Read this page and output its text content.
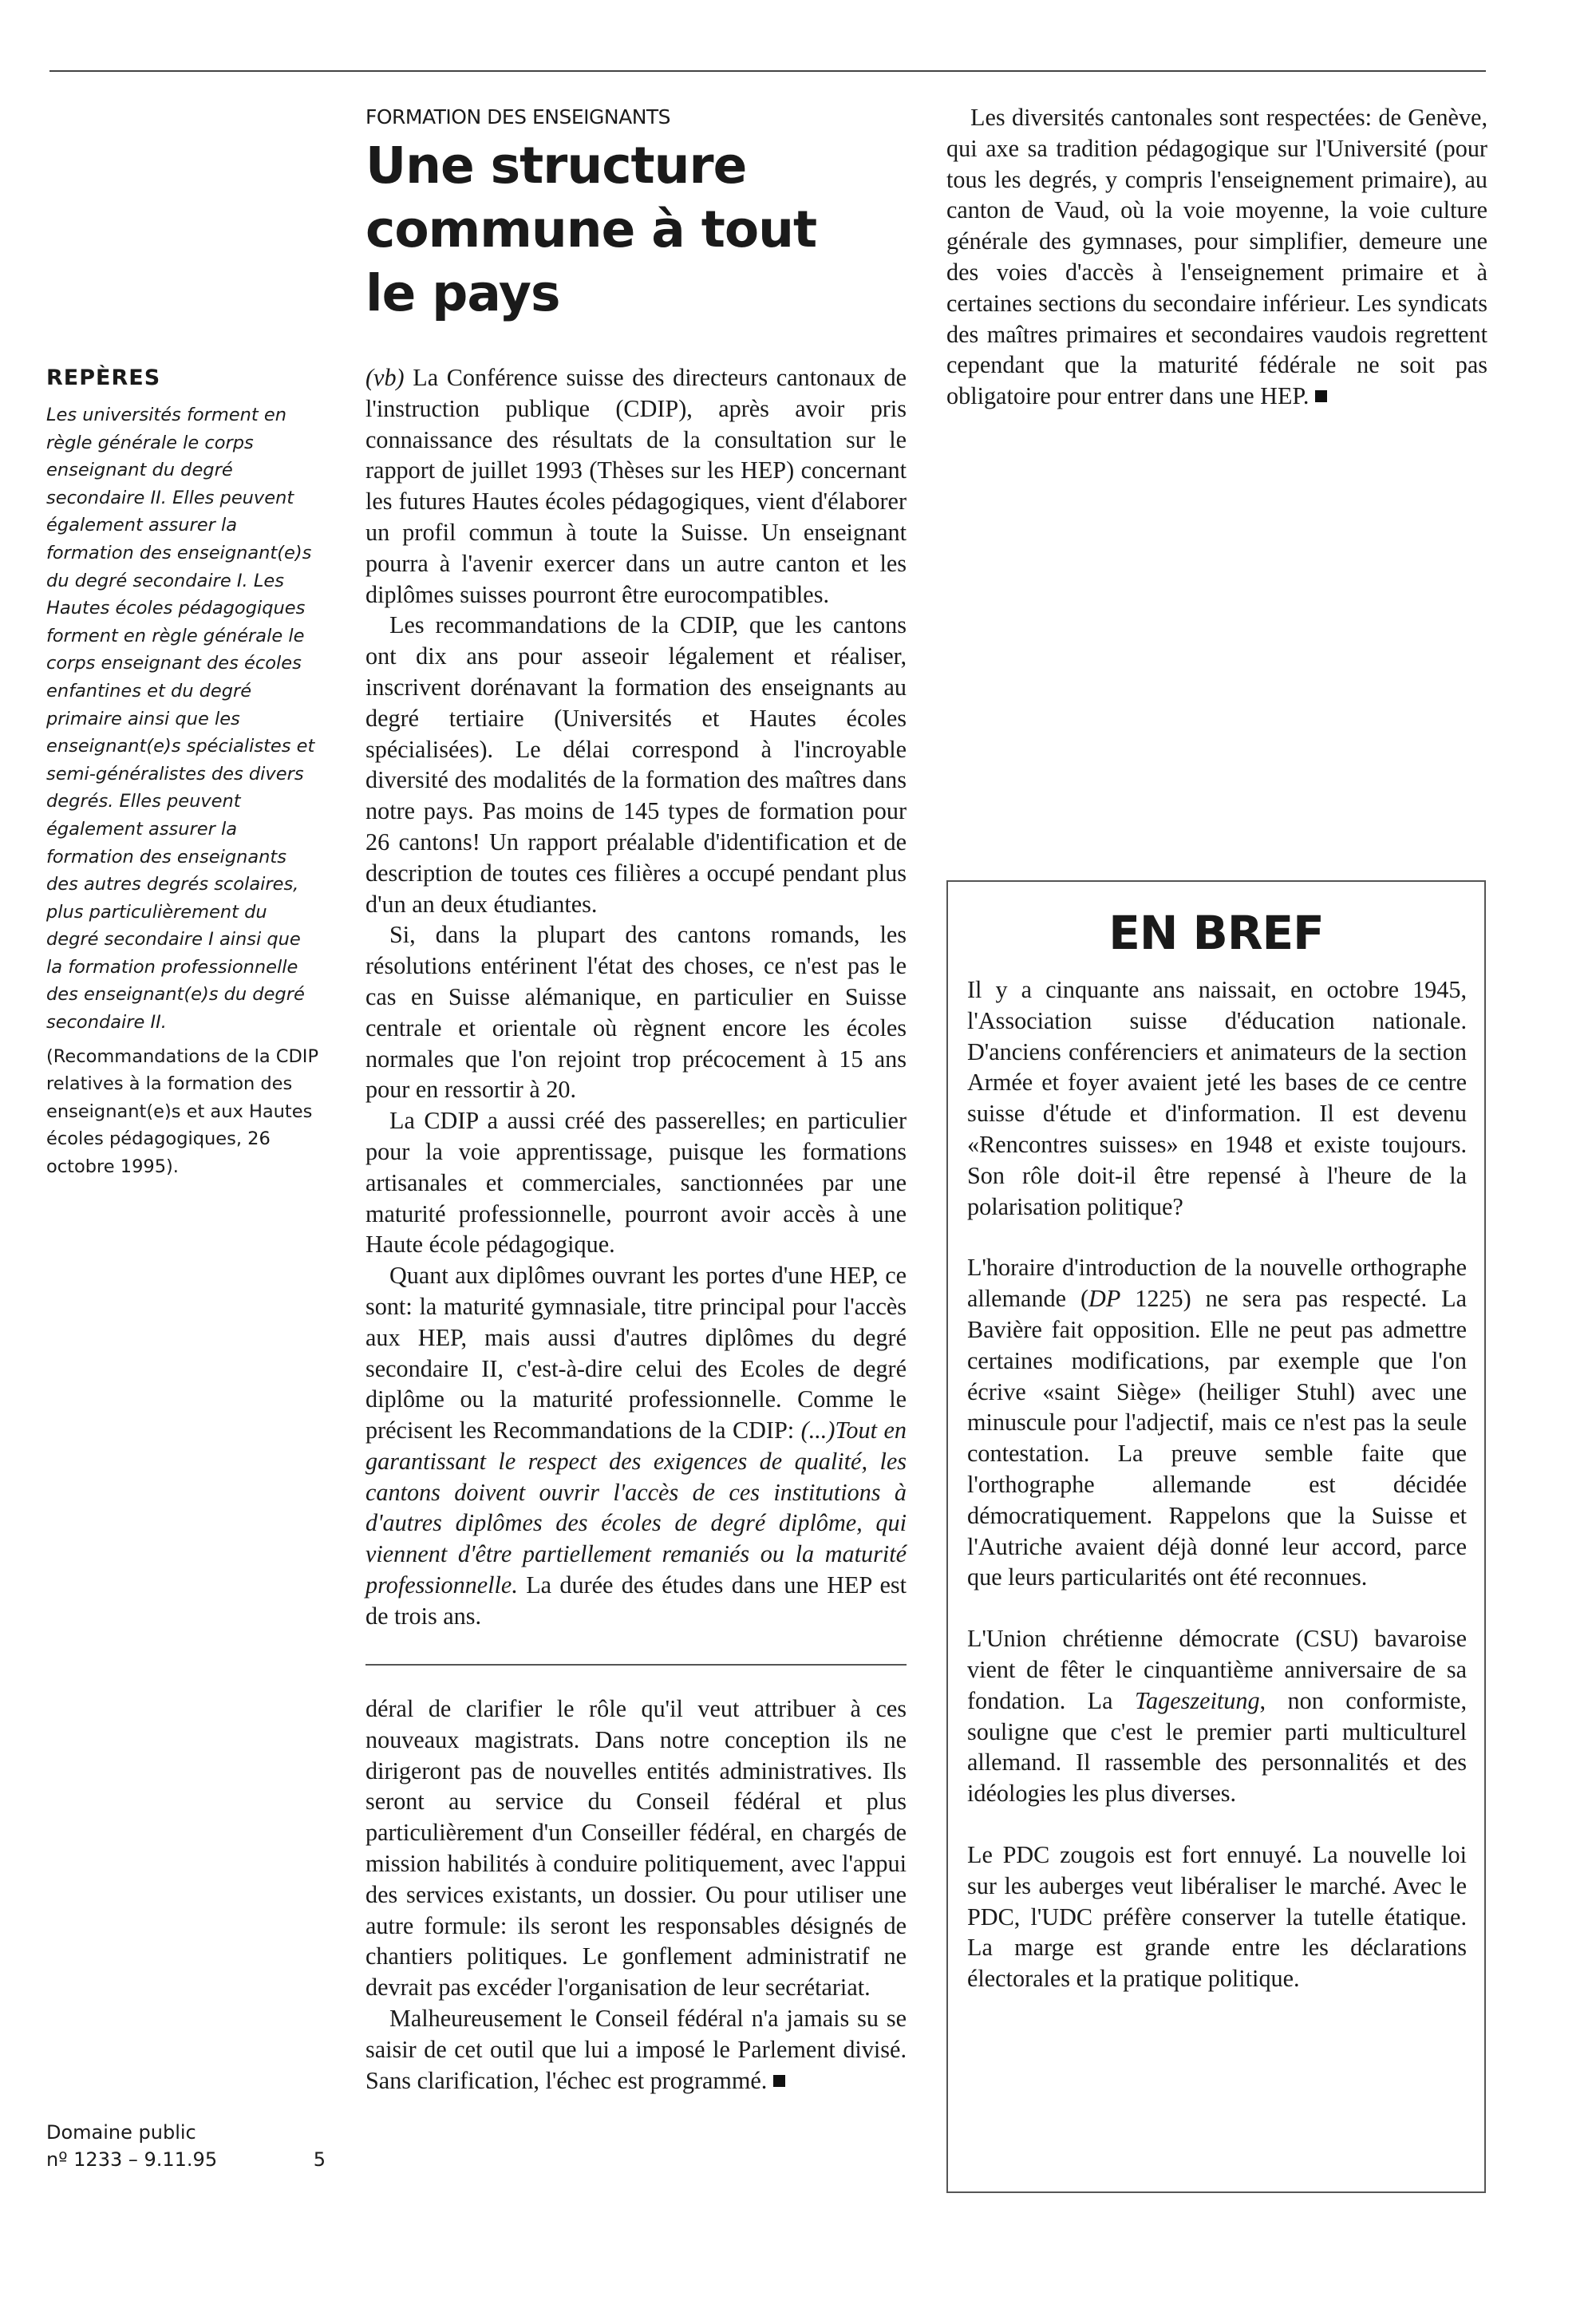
REPÈRES

Les universités forment en règle générale le corps enseignant du degré secondaire II. Elles peuvent également assurer la formation des enseignant(e)s du degré secondaire I. Les Hautes écoles pédagogiques forment en règle générale le corps enseignant des écoles enfantines et du degré primaire ainsi que les enseignant(e)s spécialistes et semi-généralistes des divers degrés. Elles peuvent également assurer la formation des enseignants des autres degrés scolaires, plus particulièrement du degré secondaire I ainsi que la formation professionnelle des enseignant(e)s du degré secondaire II.

(Recommandations de la CDIP relatives à la formation des enseignant(e)s et aux Hautes écoles pédagogiques, 26 octobre 1995).

Domaine public
nº 1233 – 9.11.95	5
FORMATION DES ENSEIGNANTS
Une structure commune à tout le pays

(vb) La Conférence suisse des directeurs cantonaux de l'instruction publique (CDIP), après avoir pris connaissance des résultats de la consultation sur le rapport de juillet 1993 (Thèses sur les HEP) concernant les futures Hautes écoles pédagogiques, vient d'élaborer un profil commun à toute la Suisse. Un enseignant pourra à l'avenir exercer dans un autre canton et les diplômes suisses pourront être eurocompatibles.

Les recommandations de la CDIP, que les cantons ont dix ans pour asseoir légalement et réaliser, inscrivent dorénavant la formation des enseignants au degré tertiaire (Universités et Hautes écoles spécialisées). Le délai correspond à l'incroyable diversité des modalités de la formation des maîtres dans notre pays. Pas moins de 145 types de formation pour 26 cantons! Un rapport préalable d'identification et de description de toutes ces filières a occupé pendant plus d'un an deux étudiantes.

Si, dans la plupart des cantons romands, les résolutions entérinent l'état des choses, ce n'est pas le cas en Suisse alémanique, en particulier en Suisse centrale et orientale où règnent encore les écoles normales que l'on rejoint trop précocement à 15 ans pour en ressortir à 20.

La CDIP a aussi créé des passerelles; en particulier pour la voie apprentissage, puisque les formations artisanales et commerciales, sanctionnées par une maturité professionnelle, pourront avoir accès à une Haute école pédagogique.

Quant aux diplômes ouvrant les portes d'une HEP, ce sont: la maturité gymnasiale, titre principal pour l'accès aux HEP, mais aussi d'autres diplômes du degré secondaire II, c'est-à-dire celui des Ecoles de degré diplôme ou la maturité professionnelle. Comme le précisent les Recommandations de la CDIP: (...)Tout en garantissant le respect des exigences de qualité, les cantons doivent ouvrir l'accès de ces institutions à d'autres diplômes des écoles de degré diplôme, qui viennent d'être partiellement remaniés ou la maturité professionnelle. La durée des études dans une HEP est de trois ans.

déral de clarifier le rôle qu'il veut attribuer à ces nouveaux magistrats. Dans notre conception ils ne dirigeront pas de nouvelles entités administratives. Ils seront au service du Conseil fédéral et plus particulièrement d'un Conseiller fédéral, en chargés de mission habilités à conduire politiquement, avec l'appui des services existants, un dossier. Ou pour utiliser une autre formule: ils seront les responsables désignés de chantiers politiques. Le gonflement administratif ne devrait pas excéder l'organisation de leur secrétariat.

Malheureusement le Conseil fédéral n'a jamais su se saisir de cet outil que lui a imposé le Parlement divisé. Sans clarification, l'échec est programmé.

Les diversités cantonales sont respectées: de Genève, qui axe sa tradition pédagogique sur l'Université (pour tous les degrés, y compris l'enseignement primaire), au canton de Vaud, où la voie moyenne, la voie culture générale des gymnases, pour simplifier, demeure une des voies d'accès à l'enseignement primaire et à certaines sections du secondaire inférieur. Les syndicats des maîtres primaires et secondaires vaudois regrettent cependant que la maturité fédérale ne soit pas obligatoire pour entrer dans une HEP.

EN BREF

Il y a cinquante ans naissait, en octobre 1945, l'Association suisse d'éducation nationale. D'anciens conférenciers et animateurs de la section Armée et foyer avaient jeté les bases de ce centre suisse d'étude et d'information. Il est devenu «Rencontres suisses» en 1948 et existe toujours. Son rôle doit-il être repensé à l'heure de la polarisation politique?

L'horaire d'introduction de la nouvelle orthographe allemande (DP 1225) ne sera pas respecté. La Bavière fait opposition. Elle ne peut pas admettre certaines modifications, par exemple que l'on écrive «saint Siège» (heiliger Stuhl) avec une minuscule pour l'adjectif, mais ce n'est pas la seule contestation. La preuve semble faite que l'orthographe allemande est décidée démocratiquement. Rappelons que la Suisse et l'Autriche avaient déjà donné leur accord, parce que leurs particularités ont été reconnues.

L'Union chrétienne démocrate (CSU) bavaroise vient de fêter le cinquantième anniversaire de sa fondation. La Tageszeitung, non conformiste, souligne que c'est le premier parti multiculturel allemand. Il rassemble des personnalités et des idéologies les plus diverses.

Le PDC zougois est fort ennuyé. La nouvelle loi sur les auberges veut libéraliser le marché. Avec le PDC, l'UDC préfère conserver la tutelle étatique. La marge est grande entre les déclarations électorales et la pratique politique.
